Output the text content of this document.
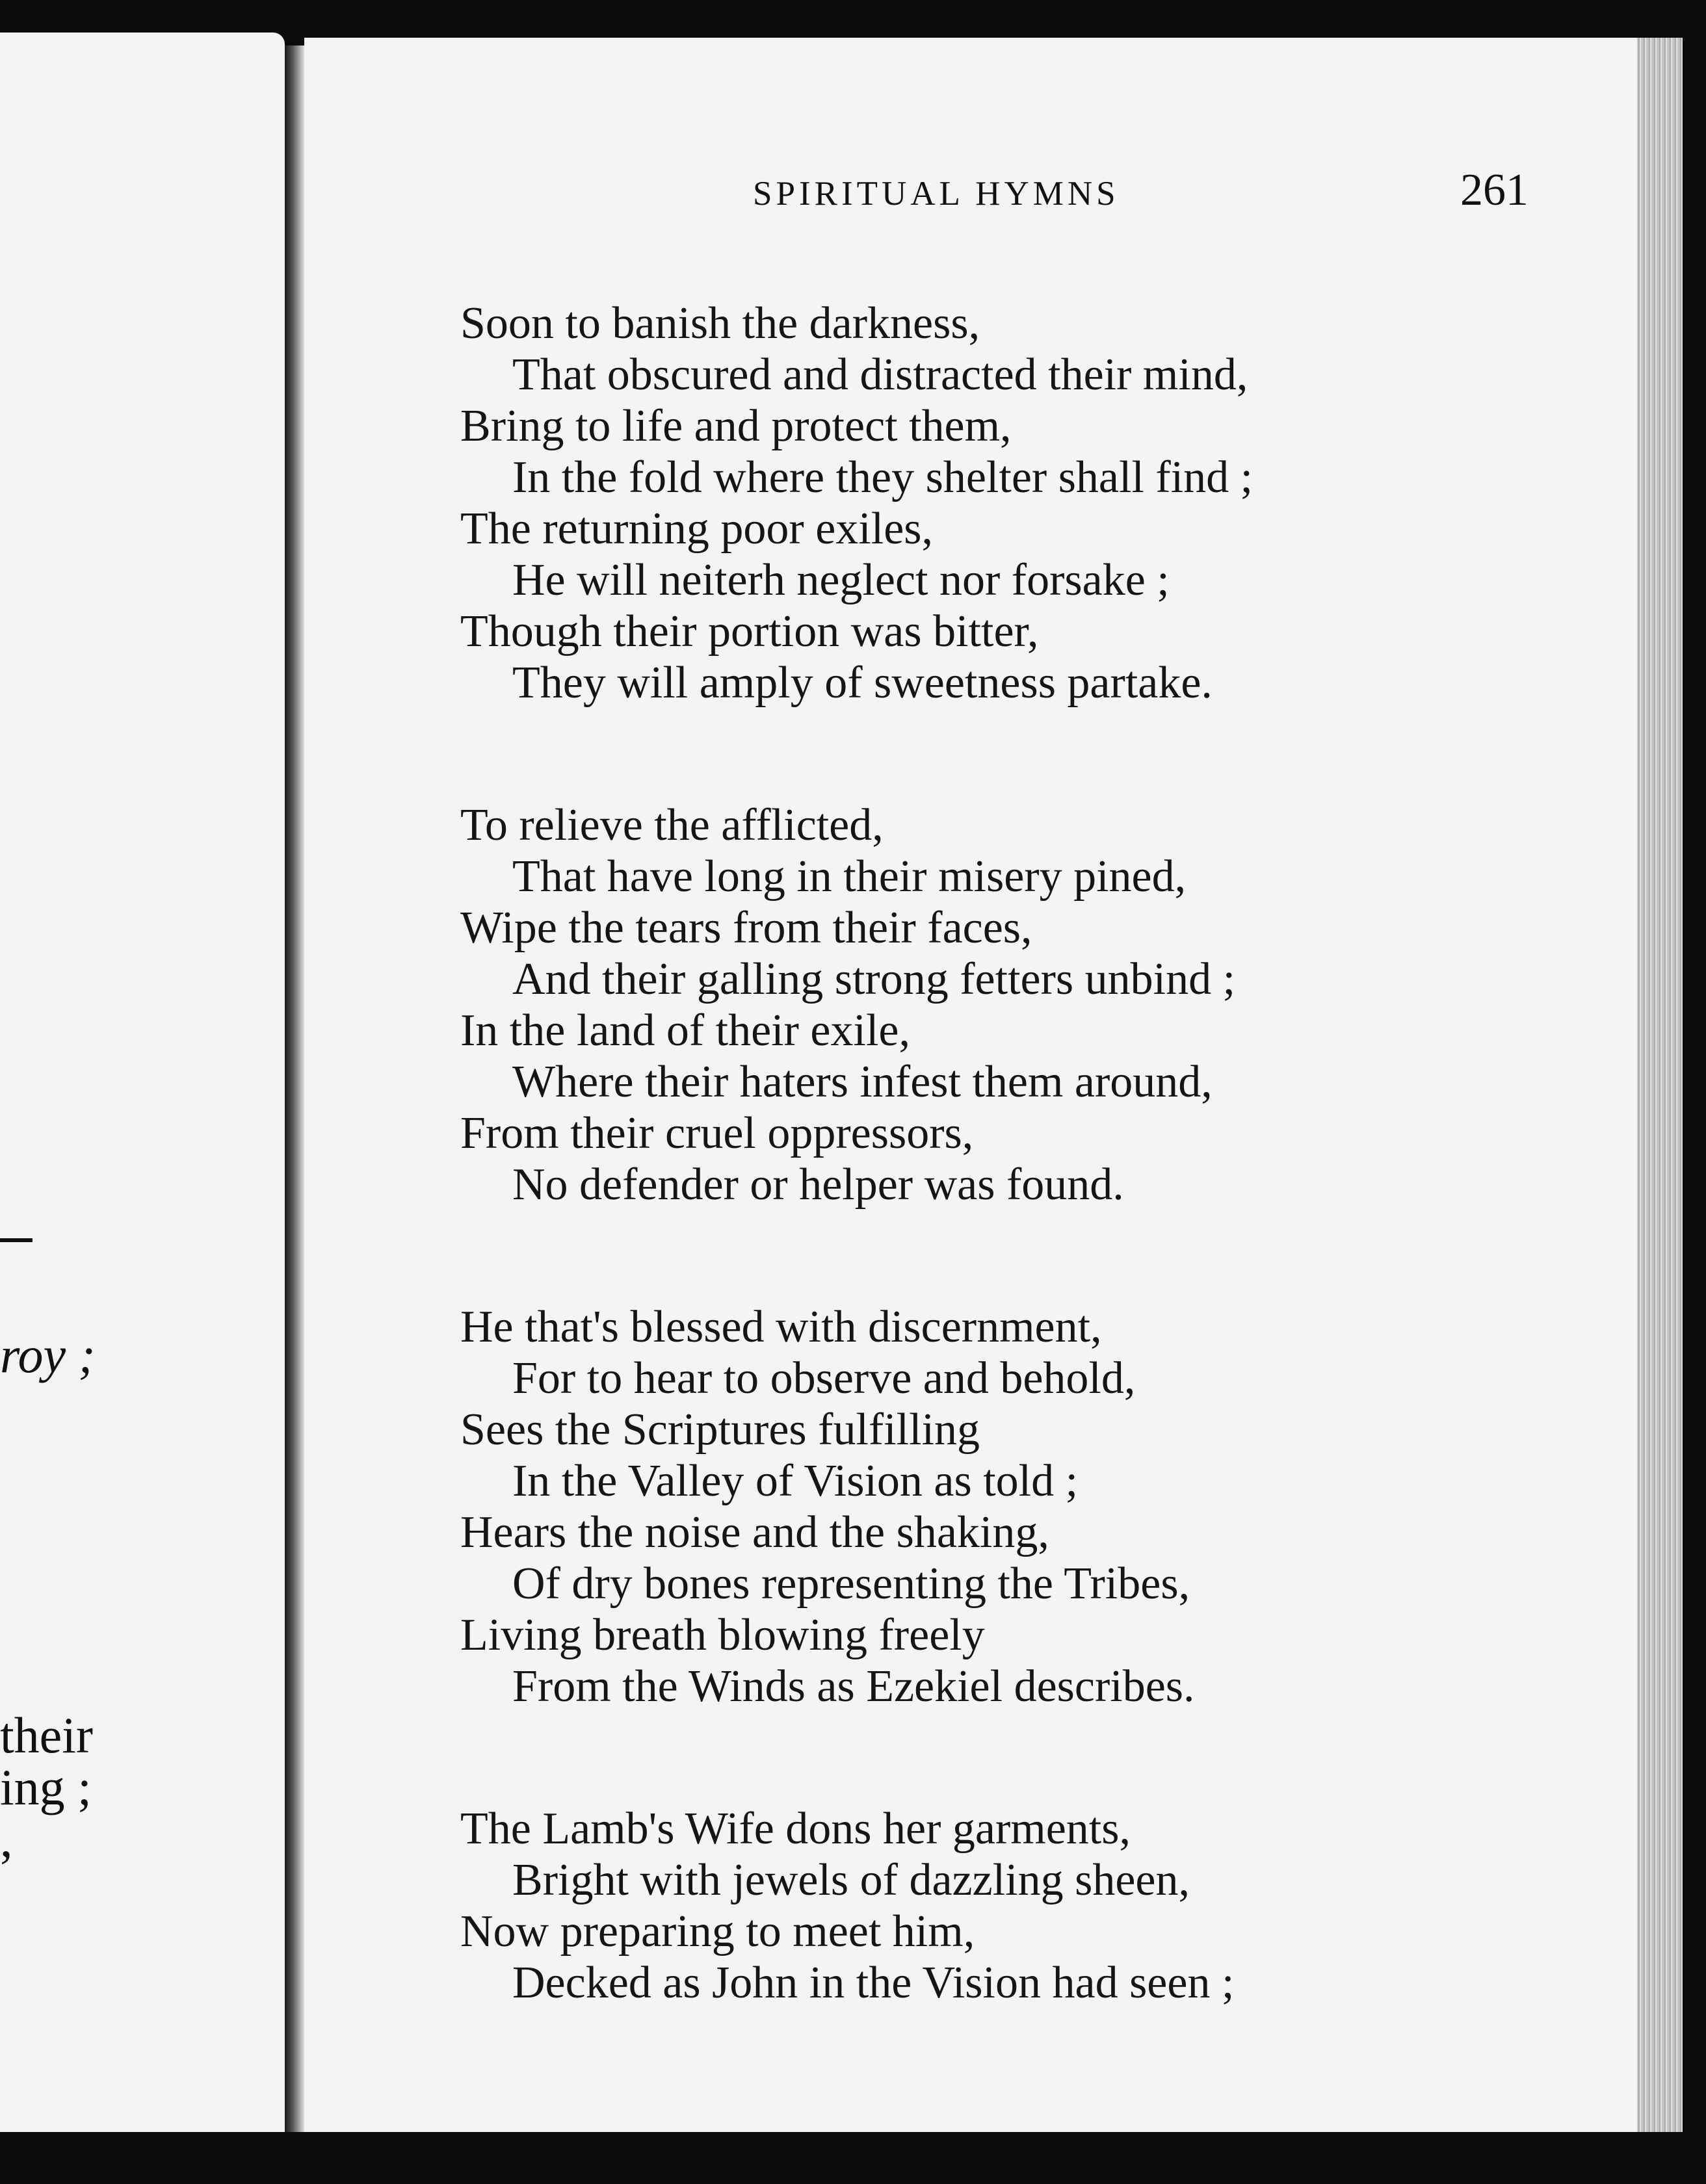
roy ;
their
ing ;
,
SPIRITUAL HYMNS	261
Soon to banish the darkness,
That obscured and distracted their mind,
Bring to life and protect them,
In the fold where they shelter shall find ;
The returning poor exiles,
He will neiterh neglect nor forsake ;
Though their portion was bitter,
They will amply of sweetness partake.
To relieve the afflicted,
That have long in their misery pined,
Wipe the tears from their faces,
And their galling strong fetters unbind ;
In the land of their exile,
Where their haters infest them around,
From their cruel oppressors,
No defender or helper was found.
He that's blessed with discernment,
For to hear to observe and behold,
Sees the Scriptures fulfilling
In the Valley of Vision as told ;
Hears the noise and the shaking,
Of dry bones representing the Tribes,
Living breath blowing freely
From the Winds as Ezekiel describes.
The Lamb's Wife dons her garments,
Bright with jewels of dazzling sheen,
Now preparing to meet him,
Decked as John in the Vision had seen ;
